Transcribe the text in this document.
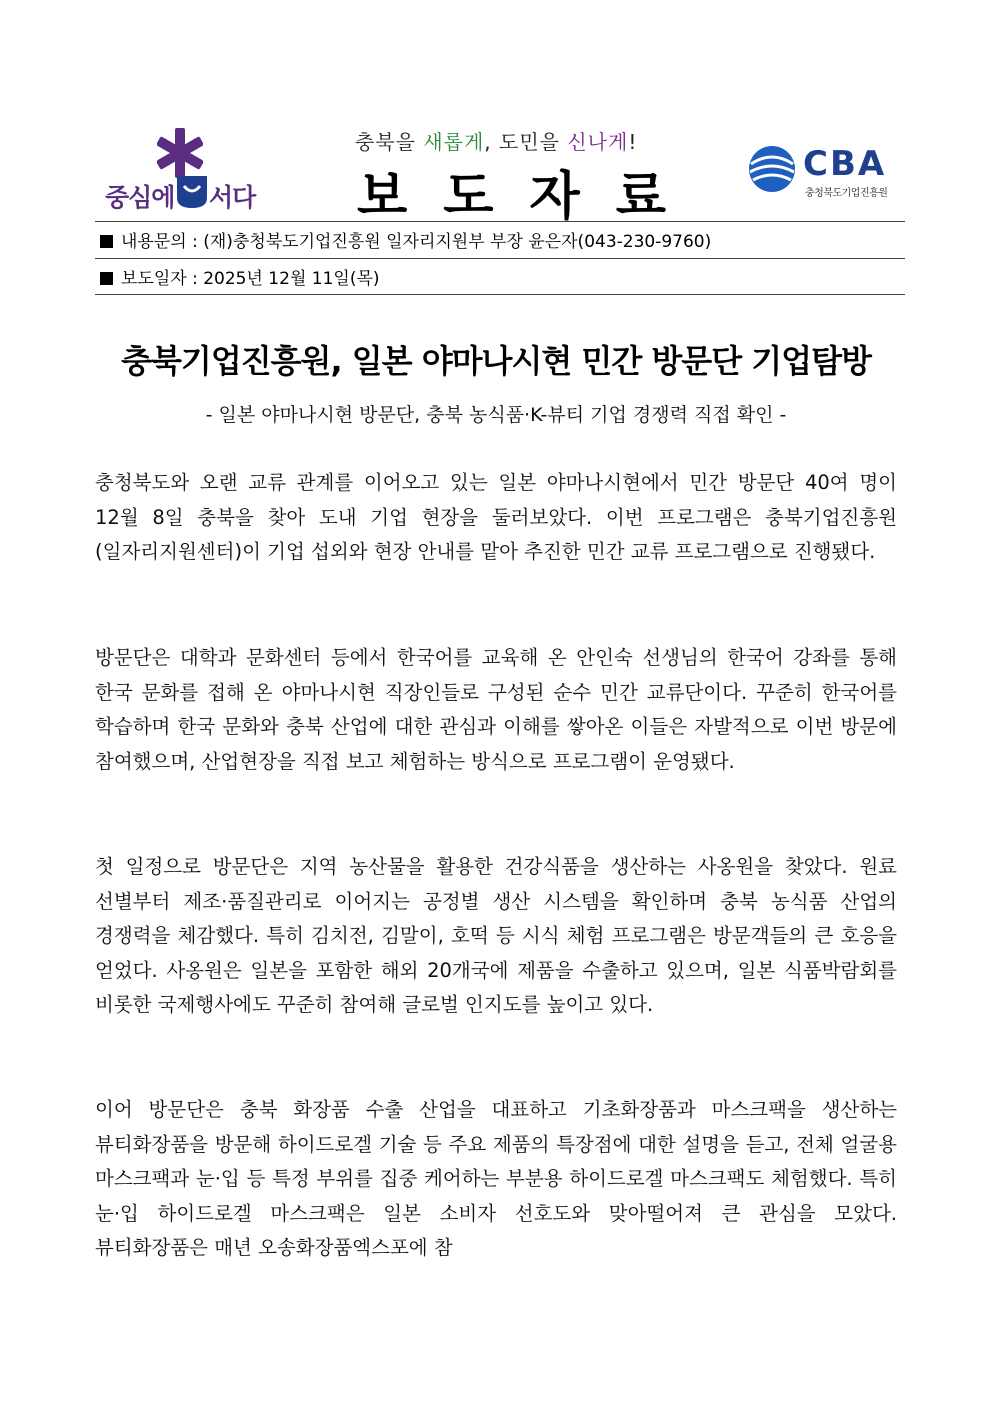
중심에 서다
충북을 새롭게, 도민을 신나게!
보도자료
CBA
충청북도기업진흥원
내용문의 : (재)충청북도기업진흥원 일자리지원부 부장 윤은자(043-230-9760)
보도일자 : 2025년 12월 11일(목)
충북기업진흥원, 일본 야마나시현 민간 방문단 기업탐방
- 일본 야마나시현 방문단, 충북 농식품·K-뷰티 기업 경쟁력 직접 확인 -

충청북도와 오랜 교류 관계를 이어오고 있는 일본 야마나시현에서 민간 방문단 40여 명이 12월 8일 충북을 찾아 도내 기업 현장을 둘러보았다. 이번 프로그램은 충북기업진흥원(일자리지원센터)이 기업 섭외와 현장 안내를 맡아 추진한 민간 교류 프로그램으로 진행됐다.

방문단은 대학과 문화센터 등에서 한국어를 교육해 온 안인숙 선생님의 한국어 강좌를 통해 한국 문화를 접해 온 야마나시현 직장인들로 구성된 순수 민간 교류단이다. 꾸준히 한국어를 학습하며 한국 문화와 충북 산업에 대한 관심과 이해를 쌓아온 이들은 자발적으로 이번 방문에 참여했으며, 산업현장을 직접 보고 체험하는 방식으로 프로그램이 운영됐다.

첫 일정으로 방문단은 지역 농산물을 활용한 건강식품을 생산하는 사옹원을 찾았다. 원료 선별부터 제조·품질관리로 이어지는 공정별 생산 시스템을 확인하며 충북 농식품 산업의 경쟁력을 체감했다. 특히 김치전, 김말이, 호떡 등 시식 체험 프로그램은 방문객들의 큰 호응을 얻었다. 사옹원은 일본을 포함한 해외 20개국에 제품을 수출하고 있으며, 일본 식품박람회를 비롯한 국제행사에도 꾸준히 참여해 글로벌 인지도를 높이고 있다.

이어 방문단은 충북 화장품 수출 산업을 대표하고 기초화장품과 마스크팩을 생산하는 뷰티화장품을 방문해 하이드로겔 기술 등 주요 제품의 특장점에 대한 설명을 듣고, 전체 얼굴용 마스크팩과 눈·입 등 특정 부위를 집중 케어하는 부분용 하이드로겔 마스크팩도 체험했다. 특히 눈·입 하이드로겔 마스크팩은 일본 소비자 선호도와 맞아떨어져 큰 관심을 모았다. 뷰티화장품은 매년 오송화장품엑스포에 참
